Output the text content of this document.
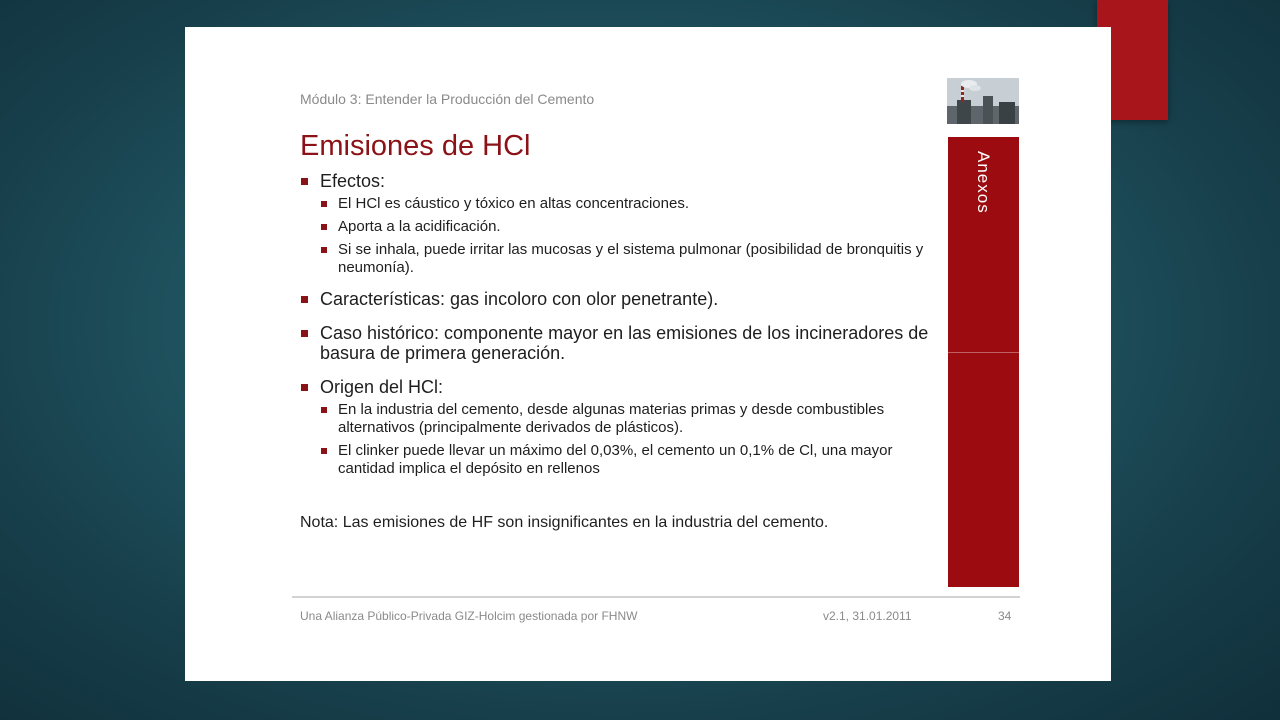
Módulo 3: Entender la Producción del Cemento
Anexos
Emisiones de HCl
Efectos:
El HCl es cáustico y tóxico en altas concentraciones.
Aporta a la acidificación.
Si se inhala, puede irritar las mucosas y el sistema pulmonar (posibilidad de bronquitis y neumonía).
Características: gas incoloro con olor penetrante).
Caso histórico: componente mayor en las emisiones de los incineradores de basura de primera generación.
Origen del HCl:
En la industria del cemento, desde algunas materias primas y desde combustibles alternativos (principalmente derivados de plásticos).
El clinker puede llevar un máximo del 0,03%, el cemento un 0,1% de Cl, una mayor cantidad implica el depósito en rellenos
Nota: Las emisiones de HF son insignificantes en la industria del cemento.
Una Alianza Público-Privada GIZ-Holcim gestionada por FHNW	v2.1, 31.01.2011	34
